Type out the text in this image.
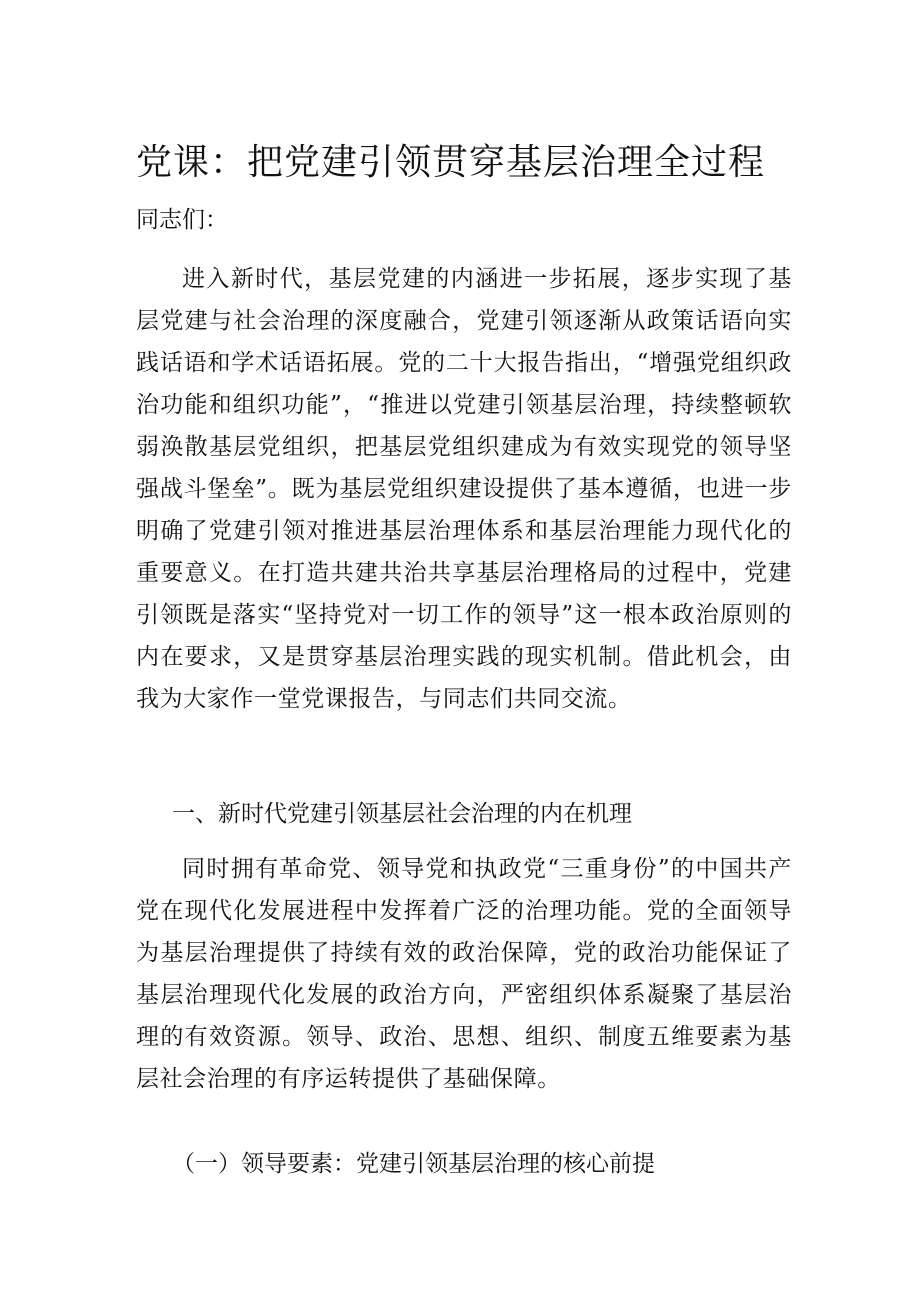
党课：把党建引领贯穿基层治理全过程

同志们：

进入新时代，基层党建的内涵进一步拓展，逐步实现了基层党建与社会治理的深度融合，党建引领逐渐从政策话语向实践话语和学术话语拓展。党的二十大报告指出，“增强党组织政治功能和组织功能”，“推进以党建引领基层治理，持续整顿软弱涣散基层党组织，把基层党组织建成为有效实现党的领导坚强战斗堡垒”。既为基层党组织建设提供了基本遵循，也进一步明确了党建引领对推进基层治理体系和基层治理能力现代化的重要意义。在打造共建共治共享基层治理格局的过程中，党建引领既是落实“坚持党对一切工作的领导”这一根本政治原则的内在要求，又是贯穿基层治理实践的现实机制。借此机会，由我为大家作一堂党课报告，与同志们共同交流。

一、新时代党建引领基层社会治理的内在机理

同时拥有革命党、领导党和执政党“三重身份”的中国共产党在现代化发展进程中发挥着广泛的治理功能。党的全面领导为基层治理提供了持续有效的政治保障，党的政治功能保证了基层治理现代化发展的政治方向，严密组织体系凝聚了基层治理的有效资源。领导、政治、思想、组织、制度五维要素为基层社会治理的有序运转提供了基础保障。

（一）领导要素：党建引领基层治理的核心前提
